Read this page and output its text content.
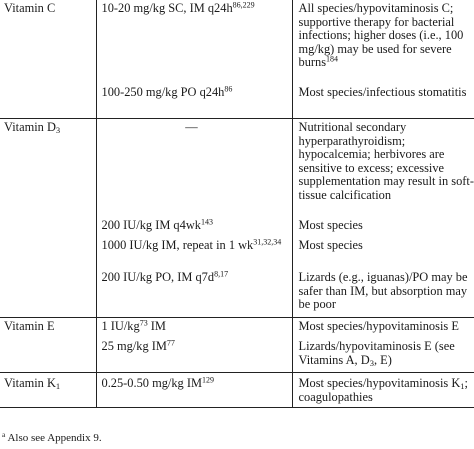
Vitamin C	10-20 mg/kg SC, IM $q24h^{86,229}$	All species/hypovitaminosis C; supportive therapy for bacterial infections; higher doses (i.e., 100 mg/kg) may be used for severe burns$^{184}$

	100-250 mg/kg PO $q24h^{86}$	Most species/infectious stomatitis

Vitamin $D_3$	—	Nutritional secondary hyperparathyroidism; hypocalcemia; herbivores are sensitive to excess; excessive supplementation may result in soft-tissue calcification

	200 IU/kg IM $q4wk^{143}$	Most species

	1000 IU/kg IM, repeat in 1 wk$^{31,32,34}$	Most species

	200 IU/kg PO, IM $q7d^{8,17}$	Lizards (e.g., iguanas)/PO may be safer than IM, but absorption may be poor

Vitamin E	1 $IU/kg^{73}$ IM	Most species/hypovitaminosis E

	25 mg/kg IM$^{77}$	Lizards/hypovitaminosis E (see Vitamins A, $D_3$, E)

Vitamin $K_1$	0.25-0.50 mg/kg IM$^{129}$	Most species/hypovitaminosis $K_1$; coagulopathies
$^a$ Also see Appendix 9.
